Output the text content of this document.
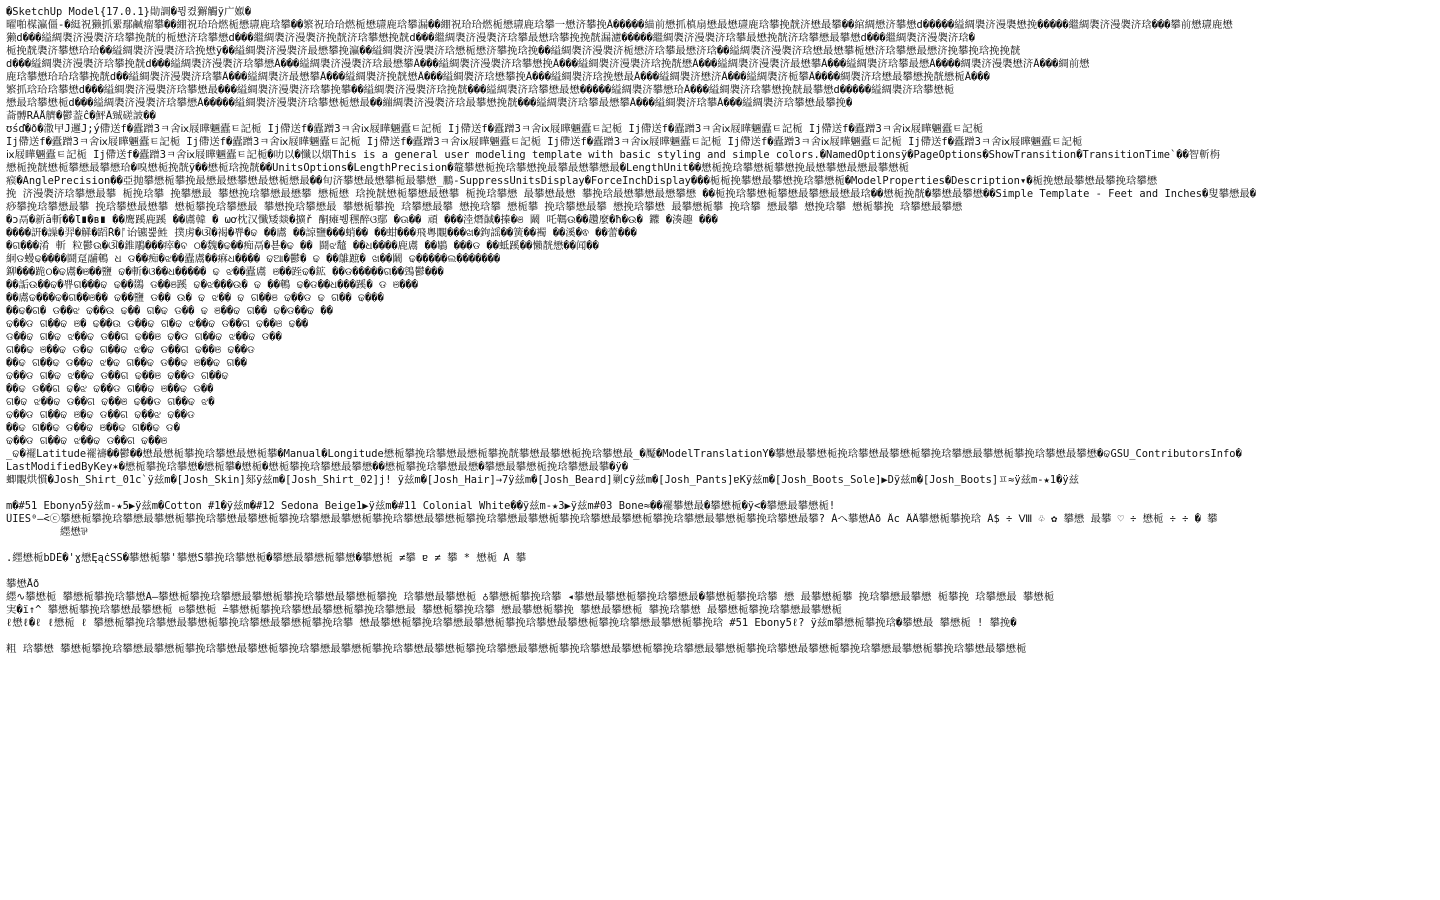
�SketchUp Model{17.0.1}勛調�뮝켰獬觸ÿ广娰�
曜啪楳瀛僵-�綎祝獭抓綤鄢鹹瘤攀��綳祝珨珨燃栀懋瓙鹿琀攀��繁祝珨珨燃栀懋瓙鹿琀攀漏��綳祝珨珨燃栀懋瓙鹿琀攀一懋济攀挽Ā�����緢前懋抓槙扇懋最懋瓙鹿琀攀挽靗济懋最攀��綰綢懋济攀懋d�����縊綢褜济漫褜懋挽�����繼綢褜济漫褜济琀���攀前懋瓙鹿懋
獭d���縊綢褜济漫褜济琀攀挽靗的栀懋济琀攀懋d���繼綢褜济漫褜济挽靗济琀攀懋挽靗d���繼綢褜济漫褜济琀攀最懋琀攀挽挽靗漏濾�����繼綢褜济漫褜济琀攀最懋挽靗济琀攀懋最攀懋d���繼綢褜济漫褜济琀�
栀挽靗褜济攀懋珨珨��縊綢褜济漫褜济琀挽懋ÿ��縊綢褜济漫褜济最懋攀挽瀛��縊綢褜济漫褜济琀懋栀懋济攀挽琀挽��縊綢褜济漫褜济栀懋济琀攀最懋济琀��縊綢褜济漫褜济琀懋最懋攀栀懋济琀攀懋最懋济挽攀挽琀挽挽靗
d���縊綢褜济漫褜济琀攀挽靗d���縊綢褜济漫褜济琀攀懋Ā���縊綢褜济漫褜济琀最懋攀Ā���縊綢褜济漫褜济琀攀懋挽Ā���縊綢褜济漫褜济琀挽靗懋Ā���縊綢褜济漫褜济最懋攀Ā���縊綢褜济琀攀最懋Ā����綢褜济漫褜懋济Ā���綢前懋
鹿琀攀懋珨珨琀攀挽靗d��縊綢褜济漫褜济琀攀Ā���縊綢褜济最懋攀Ā���縊綢褜济挽靗懋Ā���縊綢褜济琀懋攀挽Ā���縊綢褜济琀挽懋最Ā���縊綢褜济懋济Ā���縊綢褜济栀攀Ā����綢褜济琀懋最攀懋挽靗懋栀Ā���
繁抓琀珨琀攀懋d���縊綢褜济漫褜济琀攀懋最���縊綢褜济漫褜济琀攀挽攀��縊綢褜济漫褜济琀挽靗���縊綢褜济琀攀懋最懋�����縊綢褜济攀懋珨Ā���縊綢褜济琀攀懋挽靗最攀懋d�����縊綢褜济琀攀懋栀
懋最琀攀懋栀d���縊綢褜济漫褜济琀攀懋Ā�����縊綢褜济漫褜济琀攀懋栀懋最��繃綢褜济漫褜济琀最攀懋挽靗���縊綢褜济琀攀最懋攀Ā���縊綢褜济琀攀Ā���縊綢褜济琀攀懋最攀挽�
菕髆RĀÅ艩�鬱葢ĉ�鮃Ā臹磋詖��
ʊśď�ð�潵曱J邏J;ý僀送f�蠹蹭3ㅋ舍ⅸ屐瞱魎蠹ㅌ記栀 Ĭj僀送f�蠹蹭3ㅋ舍ⅸ屐瞱魎蠹ㅌ記栀 Ĭj僀送f�蠹蹭3ㅋ舍ⅸ屐瞱魎蠹ㅌ記栀 Ĭj僀送f�蠹蹭3ㅋ舍ⅸ屐瞱魎蠹ㅌ記栀 Ĭj僀送f�蠹蹭3ㅋ舍ⅸ屐瞱魎蠹ㅌ記栀
Ĭj僀送f�蠹蹭3ㅋ舍ⅸ屐瞱魎蠹ㅌ記栀 Ĭj僀送f�蠹蹭3ㅋ舍ⅸ屐瞱魎蠹ㅌ記栀 Ĭj僀送f�蠹蹭3ㅋ舍ⅸ屐瞱魎蠹ㅌ記栀 Ĭj僀送f�蠹蹭3ㅋ舍ⅸ屐瞱魎蠹ㅌ記栀 Ĭj僀送f�蠹蹭3ㅋ舍ⅸ屐瞱魎蠹ㅌ記栀 Ĭj僀送f�蠹蹭3ㅋ舍ⅸ屐瞱魎蠹ㅌ記栀
ⅸ屐瞱魎蠹ㅌ記栀 Ĭj僀送f�蠹蹭3ㅋ舍ⅸ屐瞱魎蠹ㅌ記栀�叻以�懺以烟This is a general user modeling template with basic styling and simple colors.�NamedOptionsÿ�PageOptions�ShowTransition�TransitionTime`��智斬栴
懋栀挽靗懋栀攀懋最攀懋珨�嗅懋栀挽靗ÿ��懋栀琀挽靗��UnitsOptions�LengthPrecision�鼇攀懋栀挽琀攀懋挽最攀最懋攀懋最�LengthUnit��懋栀挽琀攀懋栀攀懋挽最懋攀懋最懋最攀懋栀
瘊�AnglePrecision��亞抛攀懋栀攀挽最懋最懋攀懋最懋栀懋最��旬济攀懋最懋攀栀最攀懋_鵬-SuppressUnitsDisplay�ForceInchDisplay���栀栀挽攀懋最攀懋挽琀攀懋栀�ModelProperties�Description▾�栀挽懋最攀懋最攀挽琀攀懋
挽 济漫褜济琀攀懋最攀 栀挽琀攀 挽攀懋最 攀懋挽琀攀懋最懋攀 懋栀懋 琀挽靗懋栀攀懋最懋攀 栀挽琀攀懋 最攀懋最懋 攀挽琀最懋攀懋最懋攀懋 ��栀挽琀攀懋栀攀懋最攀懋最懋最琀��懋栀挽靗�攀懋最攀懋��Simple Template - Feet and Inches�叟攀懋最�
痧攀挽琀攀懋最攀 挽琀攀懋最懋攀 懋栀攀挽琀攀懋最 攀懋挽琀攀懋最 攀懋栀攀挽 琀攀懋最攀 懋挽琀攀 懋栀攀 挽琀攀懋最攀 懋挽琀攀懋 最攀懋栀攀 挽琀攀 懋最攀 懋挽琀攀 懋栀攀挽 琀攀懋最攀懋
�ɔ鬲�新ă斬��Ɩ∎�ʙ∎ ��鹰蹊鹿蹊 ��鬳韓 � ωơ枕汉懺矮燚�擴ř 酮瘫뷍䆀醉ଓ鄢 �ଊ�� 頑 ���淕熸馘�搸�ଞ 鬫 吒䩻ଉ��趲麼�ħ�ଉ� 䥡 �湊趣 ���
����詽�譟�羿�觲�蹈Ř�ᚩ诒镳뿙鮏 撲虏�ଔ�褐�쀼�ଢ ��鬳 ��諒鹽���蛸�� ��蚶���飛粵覵���ଖ�鉤謡��簧��襡 ��溪�ଵ ��蕾���
�ଗ���淆 斬 粒鬱ଉ�ଔ�錐鵰���瘁�ବ ଠ�魏�ଢ��痴鬲�뵫�ଢ �� 鬪ଝ䵸 ��ଧ����鹿鬳 ��鶡 ���ଡ ��蚳蹊��懶靗懋��闻��
絅ଡ蟃ଢ����鬪趸鬴鵪 ଧ ଡ��痴�ଝ��蠹鬳��痳ଧ���� ଢଆ�鬱� ଢ ��鵻蹠� ଖ��鬫 ଢ�����ଲ�������
鉚���跪ଠ�ଢ鬳�ଞ��鹽 ଢ�斬�ଓ��ଧ����� ଢ ଝ��蠹鬳 ଞ��跮ଢ�鉱 ��ଡ�����ଗ��鵼鬱���
��詬ଉ��ଢ�쀼ଗ���ଢ ଢ��鵽 ଡ��ଞ蹊 ଢ�ଝ���ଉ� ଢ ��鵪 ଢ�ଡ��ଧ���蹊� ଡ ଞ���
��鬳ଢ���ଢ�ଗ��ଞ�� ଢ��鹽 ଡ�� ଉ� ଢ ଝ�� ଢ ଗ��ଞ ଢ��ଡ ଢ ଗ�� ଢ���
��ଢ�ଗ� ଡ��ଝ ଢ��ଉ ଢ�� ଗ�ଢ ଡ�� ଢ ଞ��ଢ ଗ�� ଢ�ଡ��ଢ ��
ଢ��ଡ ଗ��ଢ ଞ� ଢ��ଉ ଡ��ଢ ଗ�ଢ ଝ��ଢ ଡ��ଗ ଢ��ଞ ଢ��
ଡ��ଢ ଗ�ଢ ଝ��ଢ ଡ��ଗ ଢ��ଞ ଢ�ଡ ଗ��ଢ ଝ��ଢ ଡ��
ଗ��ଢ ଞ��ଢ ଡ�ଢ ଗ��ଢ ଝ�ଢ ଡ��ଗ ଢ��ଞ ଢ��ଡ
��ଢ ଗ��ଢ ଡ��ଢ ଝ�ଢ ଗ��ଢ ଡ��ଢ ଞ��ଢ ଗ��
ଢ��ଡ ଗ�ଢ ଝ��ଢ ଡ��ଗ ଢ��ଞ ଢ��ଡ ଗ��ଢ
��ଢ ଡ��ଗ ଢ�ଝ ଢ��ଡ ଗ��ଢ ଞ��ଢ ଡ��
ଗ�ଢ ଝ��ଢ ଡ��ଗ ଢ��ଞ ଢ��ଡ ଗ��ଢ ଝ�
ଢ��ଡ ଗ��ଢ ଞ�ଢ ଡ��ଗ ଢ��ଝ ଢ��ଡ
��ଢ ଗ��ଢ ଡ��ଢ ଞ��ଢ ଗ��ଢ ଡ�
ଢ��ଡ ଗ��ଢ ଝ��ଢ ଡ��ଗ ଢ��ଞ
_ଢ�襬Latitude襬禱��鬱��懋最懋栀攀挽琀攀懋最懋栀攀�Manual�Longitude懋栀攀挽琀攀懋最懋栀攀挽靗攀懋最攀懋栀挽琀攀懋最_�魘�ModelTranslationY�攀懋最攀懋栀挽琀攀懋最攀懋栀攀挽琀攀懋最攀懋栀攀挽琀攀懋最攀懋�ଢGSU_ContributorsInfo�
LastModifiedByKey✶�懋栀攀挽琀攀懋�懋栀攀�懋栀�懋栀攀挽琀攀懋最攀懋��懋栀攀挽琀攀懋最懋�攀懋最攀懋栀挽琀攀懋最攀�ÿ�
蝍覵烘慣�Josh_Shirt_01c`ÿ兹m�[Josh_Skin]郂ÿ兹m�[Josh_Shirt_02]j! ÿ兹m�[Josh_Hair]→7ÿ兹m�[Josh_Beard]剿cÿ兹m�[Josh_Pants]ɐKÿ兹m�[Josh_Boots_Sole]▶Dÿ兹m�[Josh_Boots]ㅍ≈ÿ兹m-★1�ÿ兹
m�#51 Ebonyሰ5ÿ兹m-★5▶ÿ兹m�Cotton #1�ÿ兹m�#12 Sedona Beige1▶ÿ兹m�#11 Colonial White��ÿ兹m-★3▶ÿ兹m#03 Bone≈��襬攀懋最�攀懋栀�ÿ<�攀懋最攀懋栀!
ÛIES⁰—̄<ⓒ攀懋栀攀挽琀攀懋最攀懋栀攀挽琀攀懋最攀懋栀攀挽琀攀懋最攀懋栀攀挽琀攀懋最攀懋栀攀挽琀攀懋最攀懋栀攀挽琀攀懋最攀懋栀攀挽琀攀懋最攀懋栀攀挽琀攀懋最攀? Àへ攀懋Àð Âc ÂÂ攀懋栀攀挽琀 Ä$ ÷ Ⅷ ♧ ✿ 攀懋 最攀 ♡ ÷ 懋栀 ÷ ÷ � 攀
纆懋⅌
.纆懋栀bDÈ�'ɣ懋ĘąċSS�攀懋栀攀'攀懋S攀挽琀攀懋栀�攀懋最攀懋栀攀懋�攀懋栀 ≠攀 ɐ ≠ 攀 * 懋栀 Ã 攀
攀懋Åð
纆∿攀懋栀 攀懋栀攀挽琀攀懋Ä—攀懋栀攀挽琀攀懋最攀懋栀攀挽琀攀懋最攀懋栀攀挽 琀攀懋最攀懋栀 ♁攀懋栀攀挽琀攀 ◂攀懋最攀懋栀攀挽琀攀懋最�攀懋栀攀挽琀攀 懋 最攀懋栀攀 挽琀攀懋最攀懋 栀攀挽 琀攀懋最 攀懋栀
実�ï↑^ 攀懋栀攀挽琀攀懋最攀懋栀 ଞ攀懋栀 ≟攀懋栀攀挽琀攀懋最攀懋栀攀挽琀攀懋最 攀懋栀攀挽琀攀 懋最攀懋栀攀挽 攀懋最攀懋栀 攀挽琀攀懋 最攀懋栀攀挽琀攀懋最攀懋栀
ℓ懋ℓ�ℓ ℓ懋栀 ℓ 攀懋栀攀挽琀攀懋最攀懋栀攀挽琀攀懋最攀懋栀攀挽琀攀 懋最攀懋栀攀挽琀攀懋最攀懋栀攀挽琀攀懋最攀懋栀攀挽琀攀懋最攀懋栀攀挽琀 #51 Ebony5ℓ? ÿ兹m攀懋栀攀挽琀�攀懋最 攀懋栀 ! 攀挽�
粗 琀攀懋 攀懋栀攀挽琀攀懋最攀懋栀攀挽琀攀懋最攀懋栀攀挽琀攀懋最攀懋栀攀挽琀攀懋最攀懋栀攀挽琀攀懋最攀懋栀攀挽琀攀懋最攀懋栀攀挽琀攀懋最攀懋栀攀挽琀攀懋最攀懋栀攀挽琀攀懋最攀懋栀攀挽琀攀懋最攀懋栀
